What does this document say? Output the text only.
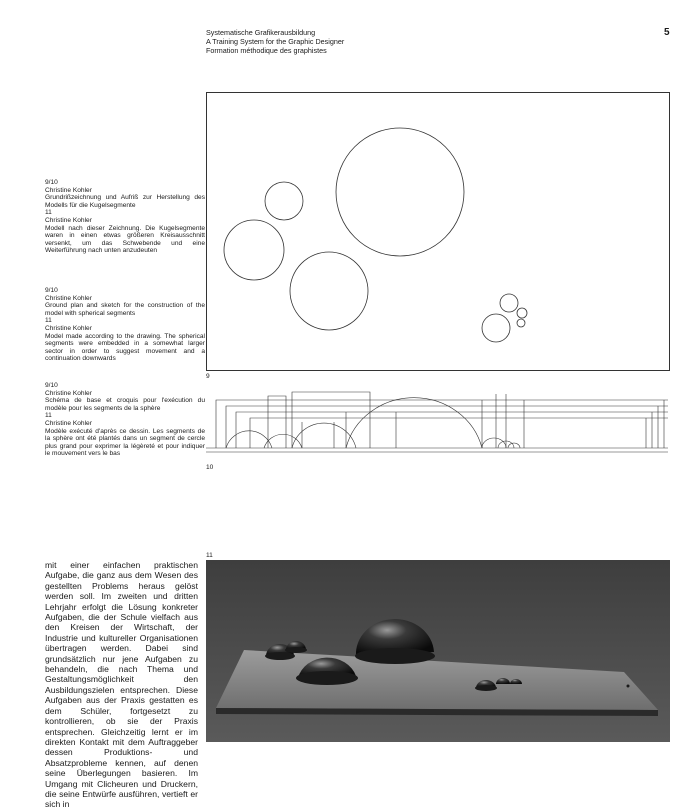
Systematische Grafikerausbildung
A Training System for the Graphic Designer
Formation méthodique des graphistes
5
9/10
Christine Kohler
Grundrißzeichnung und Aufriß zur Herstellung des Modells für die Kugelsegmente
11
Christine Kohler
Modell nach dieser Zeichnung. Die Kugelsegmente waren in einen etwas größeren Kreisausschnitt versenkt, um das Schwebende und eine Weiterführung nach unten anzudeuten
9/10
Christine Kohler
Ground plan and sketch for the construction of the model with spherical segments
11
Christine Kohler
Model made according to the drawing. The spherical segments were embedded in a somewhat larger sector in order to suggest movement and a continuation downwards
9/10
Christine Kohler
Schéma de base et croquis pour l'exécution du modèle pour les segments de la sphère
11
Christine Kohler
Modèle exécuté d'après ce dessin. Les segments de la sphère ont été plantés dans un segment de cercle plus grand pour exprimer la légèreté et pour indiquer le mouvement vers le bas
9
10
11
mit einer einfachen praktischen Aufgabe, die ganz aus dem Wesen des gestellten Problems heraus gelöst werden soll. Im zweiten und dritten Lehrjahr erfolgt die Lösung konkreter Aufgaben, die der Schule vielfach aus den Kreisen der Wirtschaft, der Industrie und kultureller Organisationen übertragen werden. Dabei sind grundsätzlich nur jene Aufgaben zu behandeln, die nach Thema und Gestaltungsmöglichkeit den Ausbildungszielen entsprechen. Diese Aufgaben aus der Praxis gestatten es dem Schüler, fortgesetzt zu kontrollieren, ob sie der Praxis entsprechen. Gleichzeitig lernt er im direkten Kontakt mit dem Auftraggeber dessen Produktions- und Absatzprobleme kennen, auf denen seine Überlegungen basieren. Im Umgang mit Clicheuren und Druckern, die seine Entwürfe ausführen, vertieft er sich in
